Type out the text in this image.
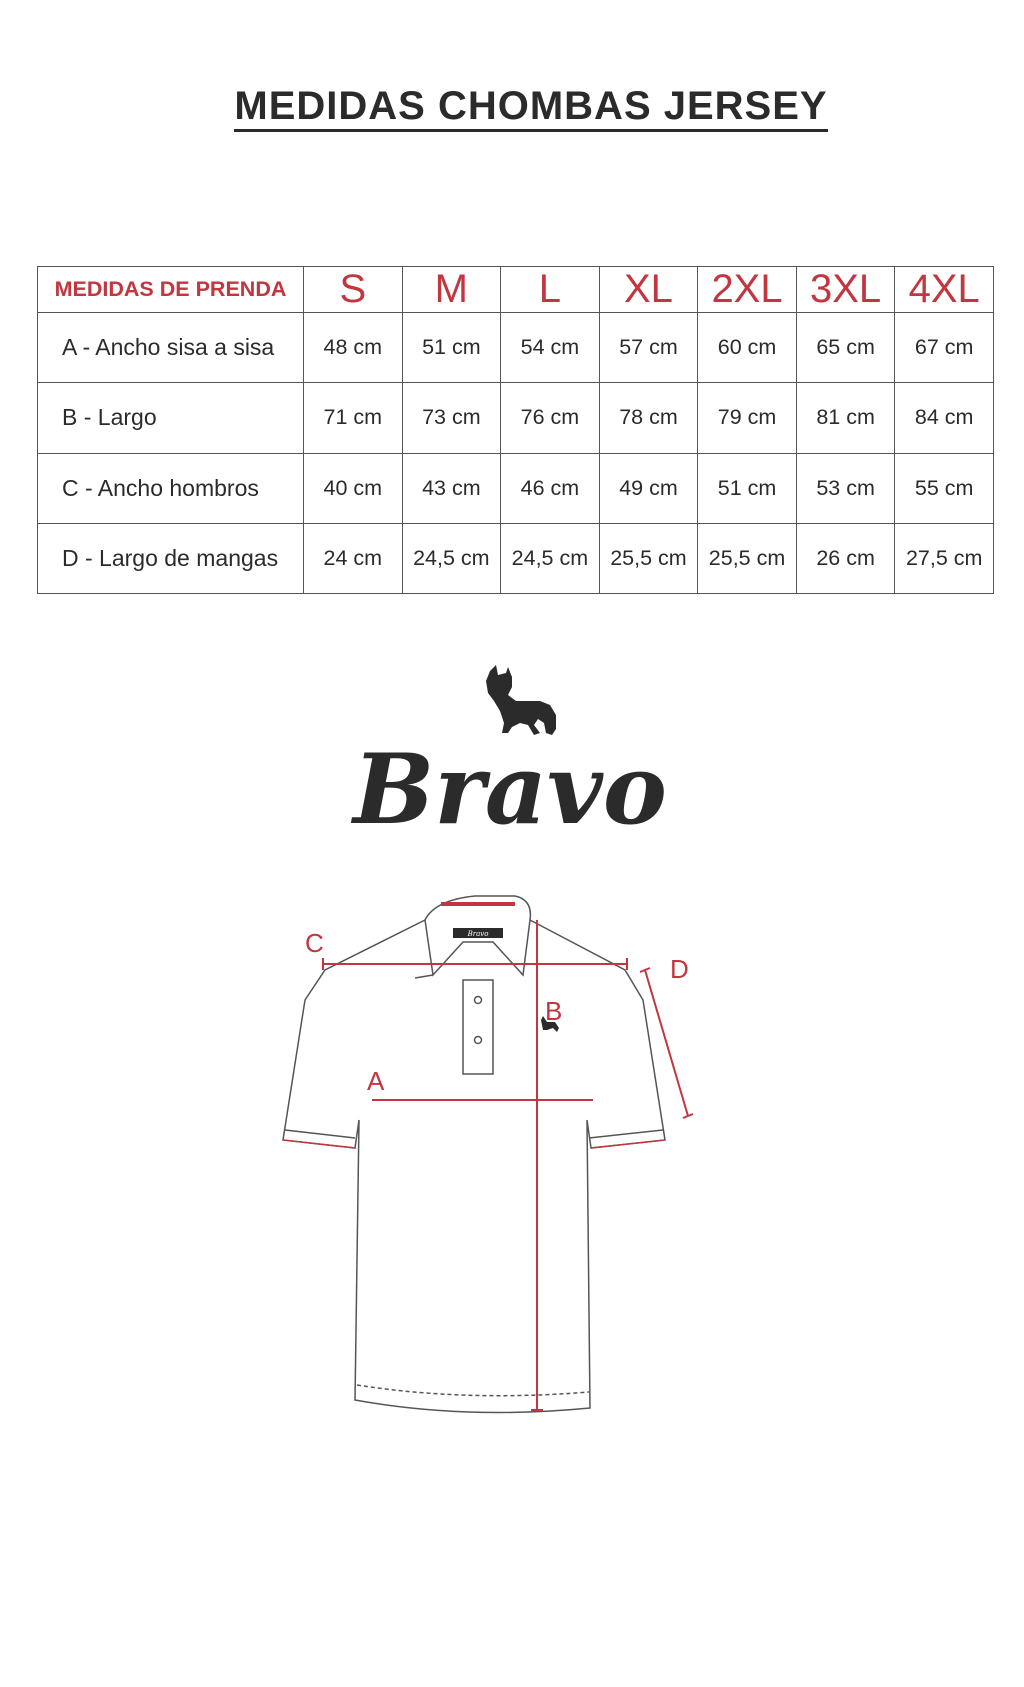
MEDIDAS CHOMBAS JERSEY
MEDIDAS DE PRENDA	S	M	L	XL	2XL	3XL	4XL
A - Ancho sisa a sisa	48 cm	51 cm	54 cm	57 cm	60 cm	65 cm	67 cm
B - Largo	71 cm	73 cm	76 cm	78 cm	79 cm	81 cm	84 cm
C - Ancho hombros	40 cm	43 cm	46 cm	49 cm	51 cm	53 cm	55 cm
D - Largo de mangas	24 cm	24,5 cm	24,5 cm	25,5 cm	25,5 cm	26 cm	27,5 cm
Bravo
Bravo
C
A
B
D
